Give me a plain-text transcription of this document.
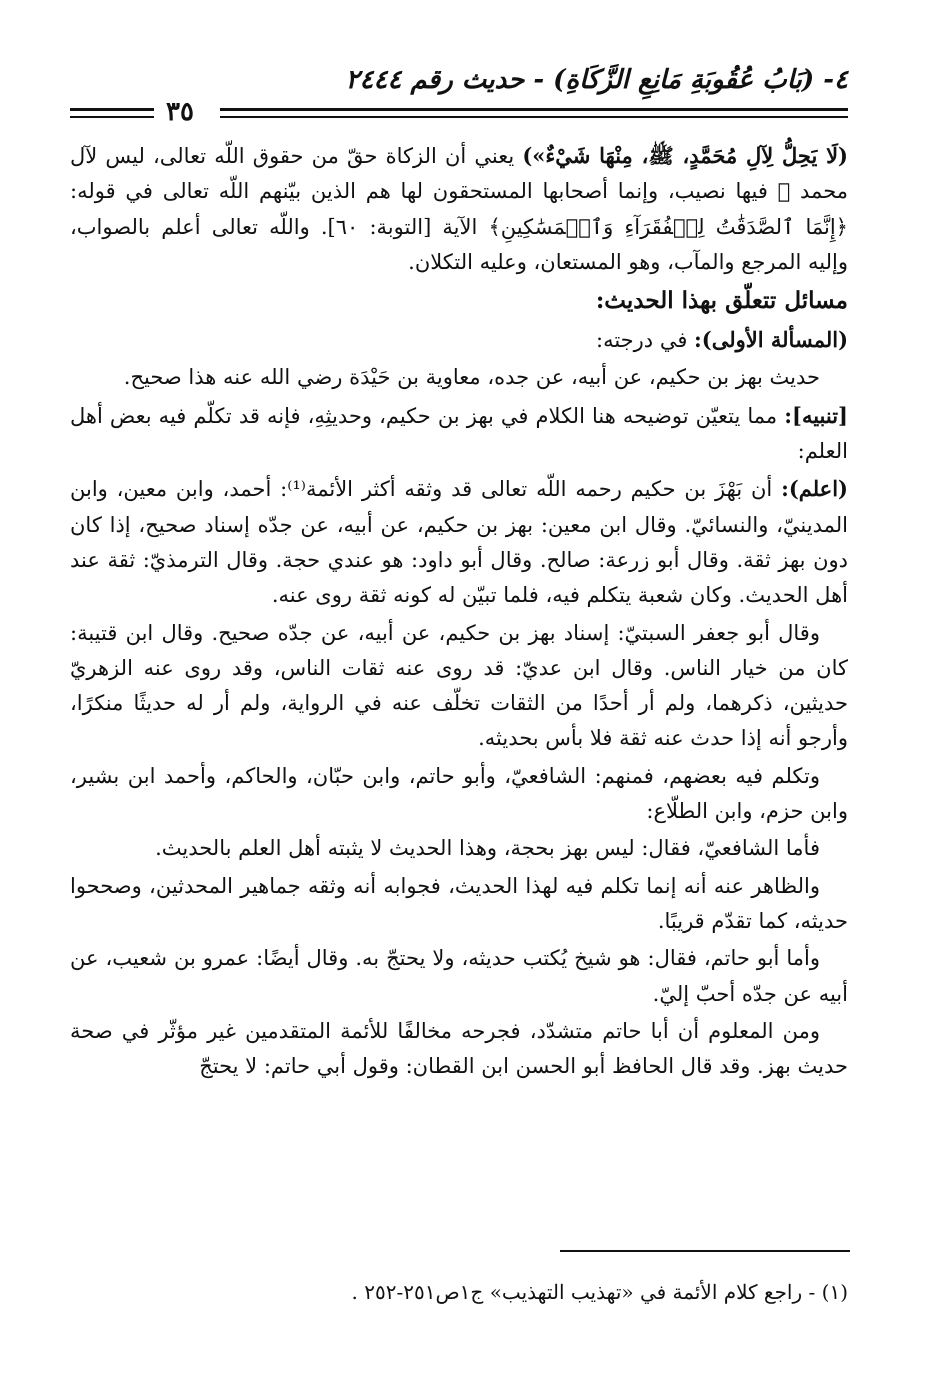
٤- (بَابُ عُقُوبَةِ مَانِعِ الزَّكَاةِ) - حديث رقم ٢٤٤٤
٣٥

(لَا يَحِلُّ لِآلِ مُحَمَّدٍ، ﷺ، مِنْهَا شَيْءٌ») يعني أن الزكاة حقّ من حقوق اللّه تعالى، ليس لآل محمد ﷺ فيها نصيب، وإنما أصحابها المستحقون لها هم الذين بيّنهم اللّه تعالى في قوله: ﴿إِنَّمَا ٱلصَّدَقَٰتُ لِلۡفُقَرَآءِ وَٱلۡمَسَٰكِينِ﴾ الآية [التوبة: ٦٠]. واللّه تعالى أعلم بالصواب، وإليه المرجع والمآب، وهو المستعان، وعليه التكلان.

مسائل تتعلّق بهذا الحديث:

(المسألة الأولى): في درجته:

حديث بهز بن حكيم، عن أبيه، عن جده، معاوية بن حَيْدَة رضي الله عنه هذا صحيح.

[تنبيه]: مما يتعيّن توضيحه هنا الكلام في بهز بن حكيم، وحديثِهِ، فإنه قد تكلّم فيه بعض أهل العلم:

(اعلم): أن بَهْزَ بن حكيم رحمه اللّه تعالى قد وثقه أكثر الأئمة⁽¹⁾: أحمد، وابن معين، وابن المدينيّ، والنسائيّ. وقال ابن معين: بهز بن حكيم، عن أبيه، عن جدّه إسناد صحيح، إذا كان دون بهز ثقة. وقال أبو زرعة: صالح. وقال أبو داود: هو عندي حجة. وقال الترمذيّ: ثقة عند أهل الحديث. وكان شعبة يتكلم فيه، فلما تبيّن له كونه ثقة روى عنه.

وقال أبو جعفر السبتيّ: إسناد بهز بن حكيم، عن أبيه، عن جدّه صحيح. وقال ابن قتيبة: كان من خيار الناس. وقال ابن عديّ: قد روى عنه ثقات الناس، وقد روى عنه الزهريّ حديثين، ذكرهما، ولم أر أحدًا من الثقات تخلّف عنه في الرواية، ولم أر له حديثًا منكرًا، وأرجو أنه إذا حدث عنه ثقة فلا بأس بحديثه.

وتكلم فيه بعضهم، فمنهم: الشافعيّ، وأبو حاتم، وابن حبّان، والحاكم، وأحمد ابن بشير، وابن حزم، وابن الطلّاع:

فأما الشافعيّ، فقال: ليس بهز بحجة، وهذا الحديث لا يثبته أهل العلم بالحديث.

والظاهر عنه أنه إنما تكلم فيه لهذا الحديث، فجوابه أنه وثقه جماهير المحدثين، وصححوا حديثه، كما تقدّم قريبًا.

وأما أبو حاتم، فقال: هو شيخ يُكتب حديثه، ولا يحتجّ به. وقال أيضًا: عمرو بن شعيب، عن أبيه عن جدّه أحبّ إليّ.

ومن المعلوم أن أبا حاتم متشدّد، فجرحه مخالفًا للأئمة المتقدمين غير مؤثّر في صحة حديث بهز. وقد قال الحافظ أبو الحسن ابن القطان: وقول أبي حاتم: لا يحتجّ

(١) - راجع كلام الأئمة في «تهذيب التهذيب» ج١ص٢٥١-٢٥٢ .
